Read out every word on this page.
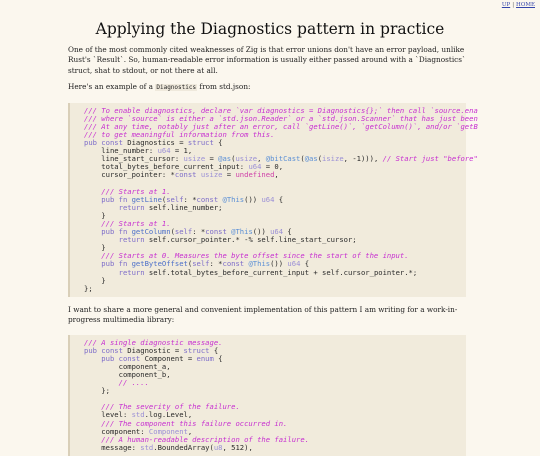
UP | HOME
Applying the Diagnostics pattern in practice

One of the most commonly cited weaknesses of Zig is that error unions don't have an error payload, unlike Rust's `Result`. So, human-readable error information is usually either passed around with a `Diagnostics` struct, shat to stdout, or not there at all.

Here's an example of a Diagnostics from std.json:

/// To enable diagnostics, declare `var diagnostics = Diagnostics{};` then call `source.ena
/// where `source` is either a `std.json.Reader` or a `std.json.Scanner` that has just been
/// At any time, notably just after an error, call `getLine()`, `getColumn()`, and/or `getB
/// to get meaningful information from this.
pub const Diagnostics = struct {
line_number: u64 = 1,
line_start_cursor: usize = @as(usize, @bitCast(@as(isize, -1))), // Start just "before"
total_bytes_before_current_input: u64 = 0,
cursor_pointer: *const usize = undefined,

/// Starts at 1.
pub fn getLine(self: *const @This()) u64 {
return self.line_number;
}
/// Starts at 1.
pub fn getColumn(self: *const @This()) u64 {
return self.cursor_pointer.* -% self.line_start_cursor;
}
/// Starts at 0. Measures the byte offset since the start of the input.
pub fn getByteOffset(self: *const @This()) u64 {
return self.total_bytes_before_current_input + self.cursor_pointer.*;
}
};

I want to share a more general and convenient implementation of this pattern I am writing for a work-in-progress multimedia library:

/// A single diagnostic message.
pub const Diagnostic = struct {
pub const Component = enum {
component_a,
component_b,
// ....
};

/// The severity of the failure.
level: std.log.Level,
/// The component this failure occurred in.
component: Component,
/// A human-readable description of the failure.
message: std.BoundedArray(u8, 512),
